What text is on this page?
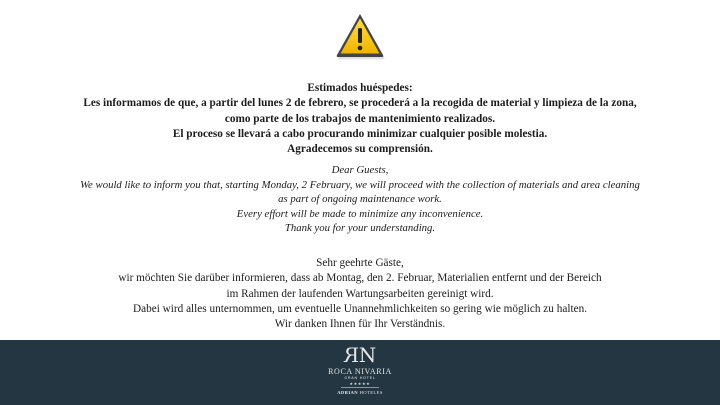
Estimados huéspedes:
Les informamos de que, a partir del lunes 2 de febrero, se procederá a la recogida de material y limpieza de la zona,
como parte de los trabajos de mantenimiento realizados.
El proceso se llevará a cabo procurando minimizar cualquier posible molestia.
Agradecemos su comprensión.
Dear Guests,
We would like to inform you that, starting Monday, 2 February, we will proceed with the collection of materials and area cleaning
as part of ongoing maintenance work.
Every effort will be made to minimize any inconvenience.
Thank you for your understanding.
Sehr geehrte Gäste,
wir möchten Sie darüber informieren, dass ab Montag, den 2. Februar, Materialien entfernt und der Bereich
im Rahmen der laufenden Wartungsarbeiten gereinigt wird.
Dabei wird alles unternommen, um eventuelle Unannehmlichkeiten so gering wie möglich zu halten.
Wir danken Ihnen für Ihr Verständnis.
RN
ROCA NIVARIA
GRAN HOTEL
★★★★★
ADRIAN HOTELES
